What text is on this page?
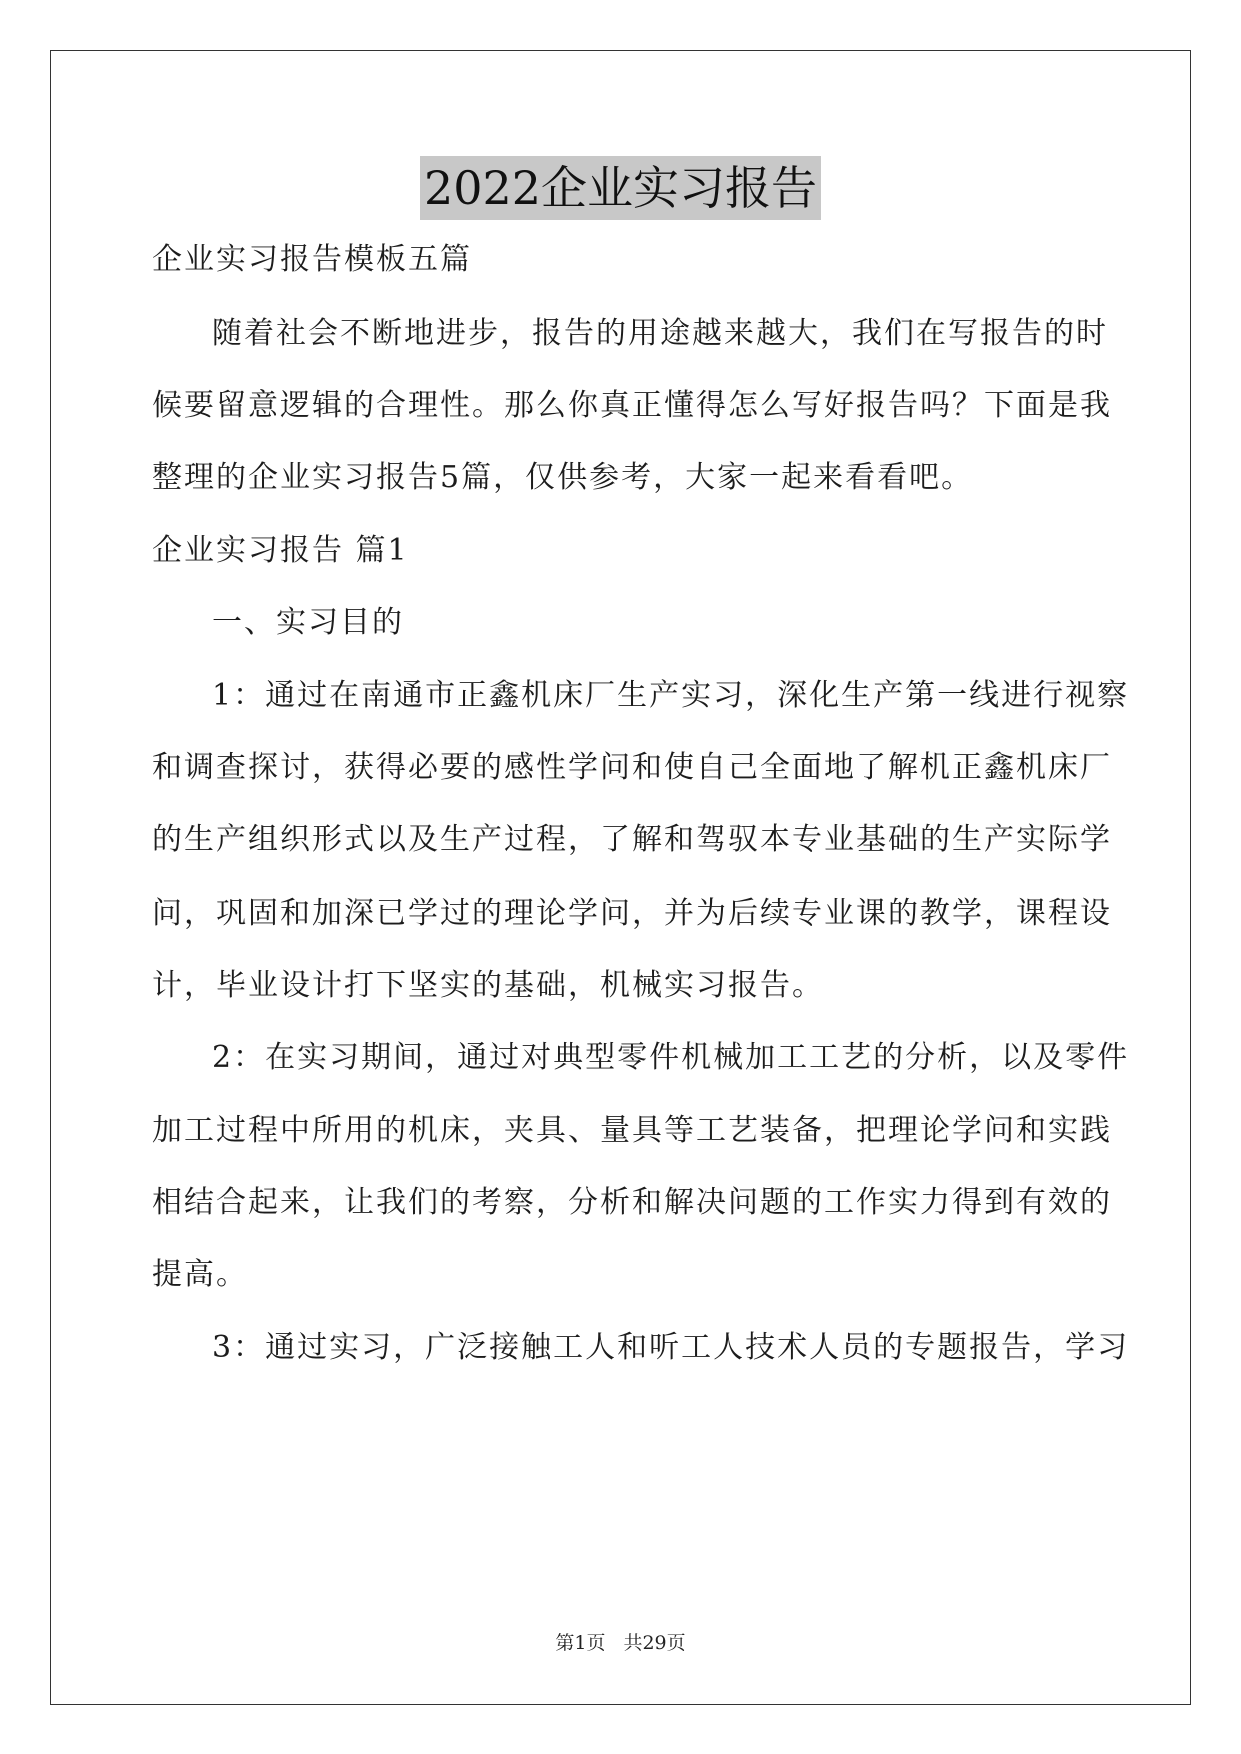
2022企业实习报告
企业实习报告模板五篇
随着社会不断地进步，报告的用途越来越大，我们在写报告的时
候要留意逻辑的合理性。那么你真正懂得怎么写好报告吗？下面是我
整理的企业实习报告5篇，仅供参考，大家一起来看看吧。
企业实习报告 篇1
一、实习目的
1：通过在南通市正鑫机床厂生产实习，深化生产第一线进行视察
和调查探讨，获得必要的感性学问和使自己全面地了解机正鑫机床厂
的生产组织形式以及生产过程，了解和驾驭本专业基础的生产实际学
问，巩固和加深已学过的理论学问，并为后续专业课的教学，课程设
计，毕业设计打下坚实的基础，机械实习报告。
2：在实习期间，通过对典型零件机械加工工艺的分析，以及零件
加工过程中所用的机床，夹具、量具等工艺装备，把理论学问和实践
相结合起来，让我们的考察，分析和解决问题的工作实力得到有效的
提高。
3：通过实习，广泛接触工人和听工人技术人员的专题报告，学习
第1页 共29页
